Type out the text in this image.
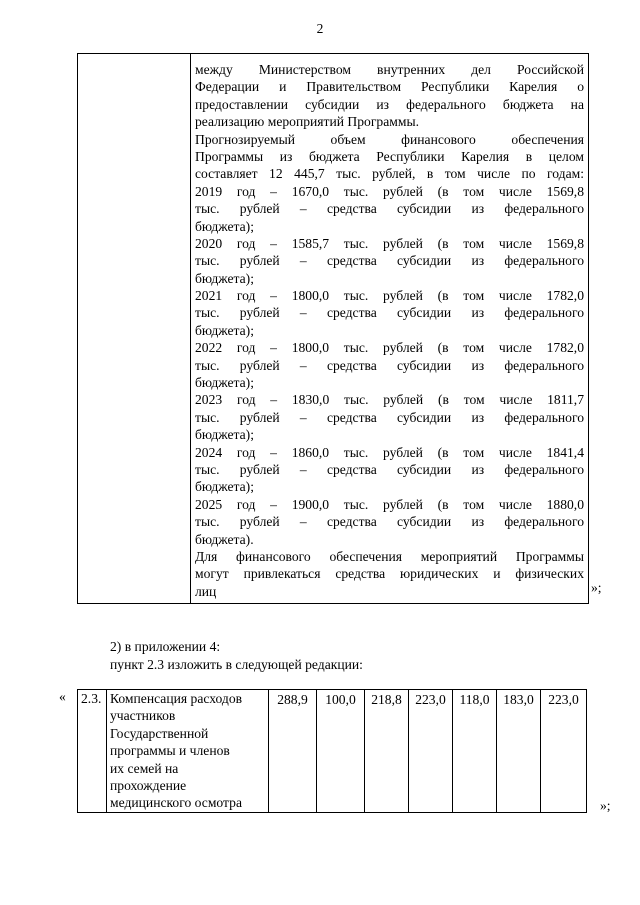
2
между Министерством внутренних дел Российской
Федерации и Правительством Республики Карелия о
предоставлении субсидии из федерального бюджета на
реализацию мероприятий Программы.
Прогнозируемый объем финансового обеспечения
Программы из бюджета Республики Карелия в целом
составляет 12 445,7 тыс. рублей, в том числе по годам:
2019 год – 1670,0 тыс. рублей (в том числе 1569,8
тыс. рублей – средства субсидии из федерального
бюджета);
2020 год – 1585,7 тыс. рублей (в том числе 1569,8
тыс. рублей – средства субсидии из федерального
бюджета);
2021 год – 1800,0 тыс. рублей (в том числе 1782,0
тыс. рублей – средства субсидии из федерального
бюджета);
2022 год – 1800,0 тыс. рублей (в том числе 1782,0
тыс. рублей – средства субсидии из федерального
бюджета);
2023 год – 1830,0 тыс. рублей (в том числе 1811,7
тыс. рублей – средства субсидии из федерального
бюджета);
2024 год – 1860,0 тыс. рублей (в том числе 1841,4
тыс. рублей – средства субсидии из федерального
бюджета);
2025 год – 1900,0 тыс. рублей (в том числе 1880,0
тыс. рублей – средства субсидии из федерального
бюджета).
Для финансового обеспечения мероприятий Программы
могут привлекаться средства юридических и физических
лиц	»;
2) в приложении 4:
пункт 2.3 изложить в следующей редакции:
« 2.3.	Компенсация расходов
участников
Государственной
программы и членов
их семей на
прохождение
медицинского осмотра
	288,9	100,0	218,8	223,0	118,0	183,0	223,0
»;
